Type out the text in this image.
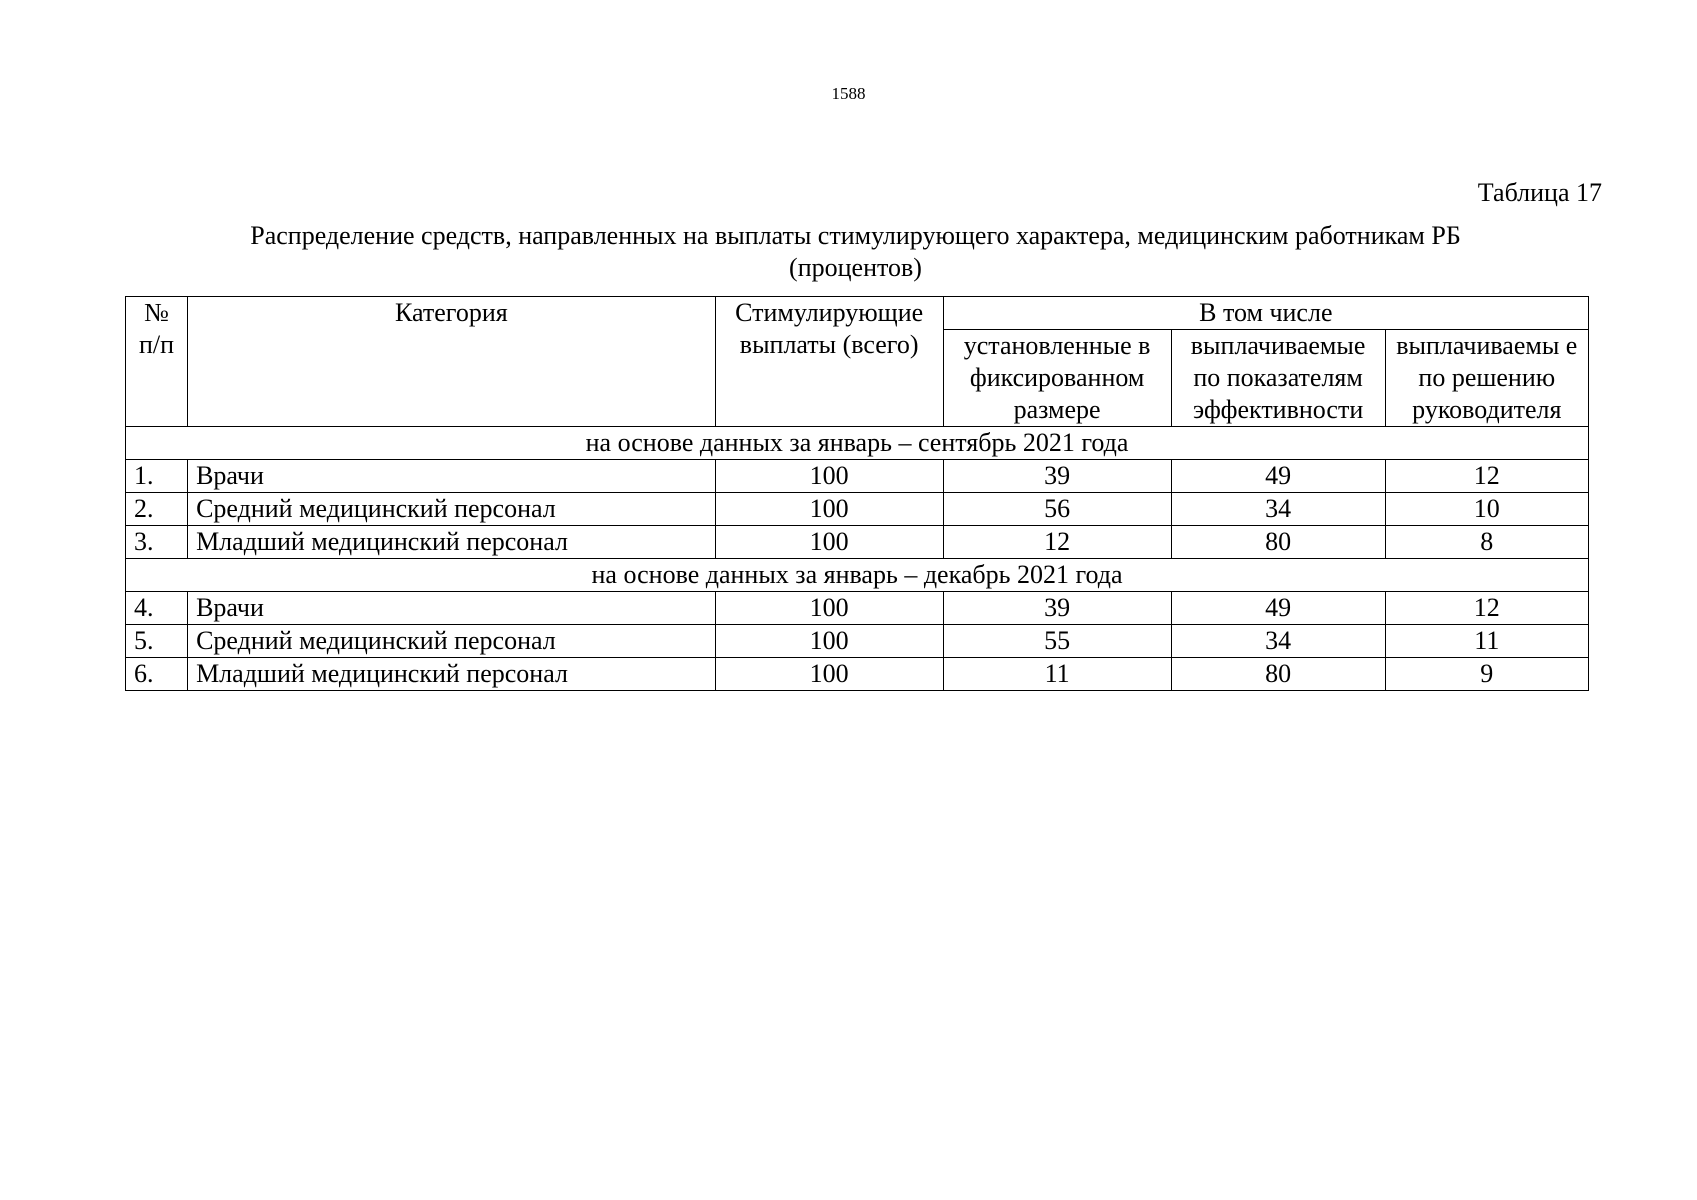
1588
Таблица 17
Распределение средств, направленных на выплаты стимулирующего характера, медицинским работникам РБ
(процентов)
№ п/п	Категория	Стимулирующие выплаты (всего)	В том числе		
			установленные в фиксированном размере	выплачиваемые по показателям эффективности	выплачиваемы е по решению руководителя
на основе данных за январь – сентябрь 2021 года					
1.	Врачи	100	39	49	12
2.	Средний медицинский персонал	100	56	34	10
3.	Младший медицинский персонал	100	12	80	8
на основе данных за январь – декабрь 2021 года					
4.	Врачи	100	39	49	12
5.	Средний медицинский персонал	100	55	34	11
6.	Младший медицинский персонал	100	11	80	9
